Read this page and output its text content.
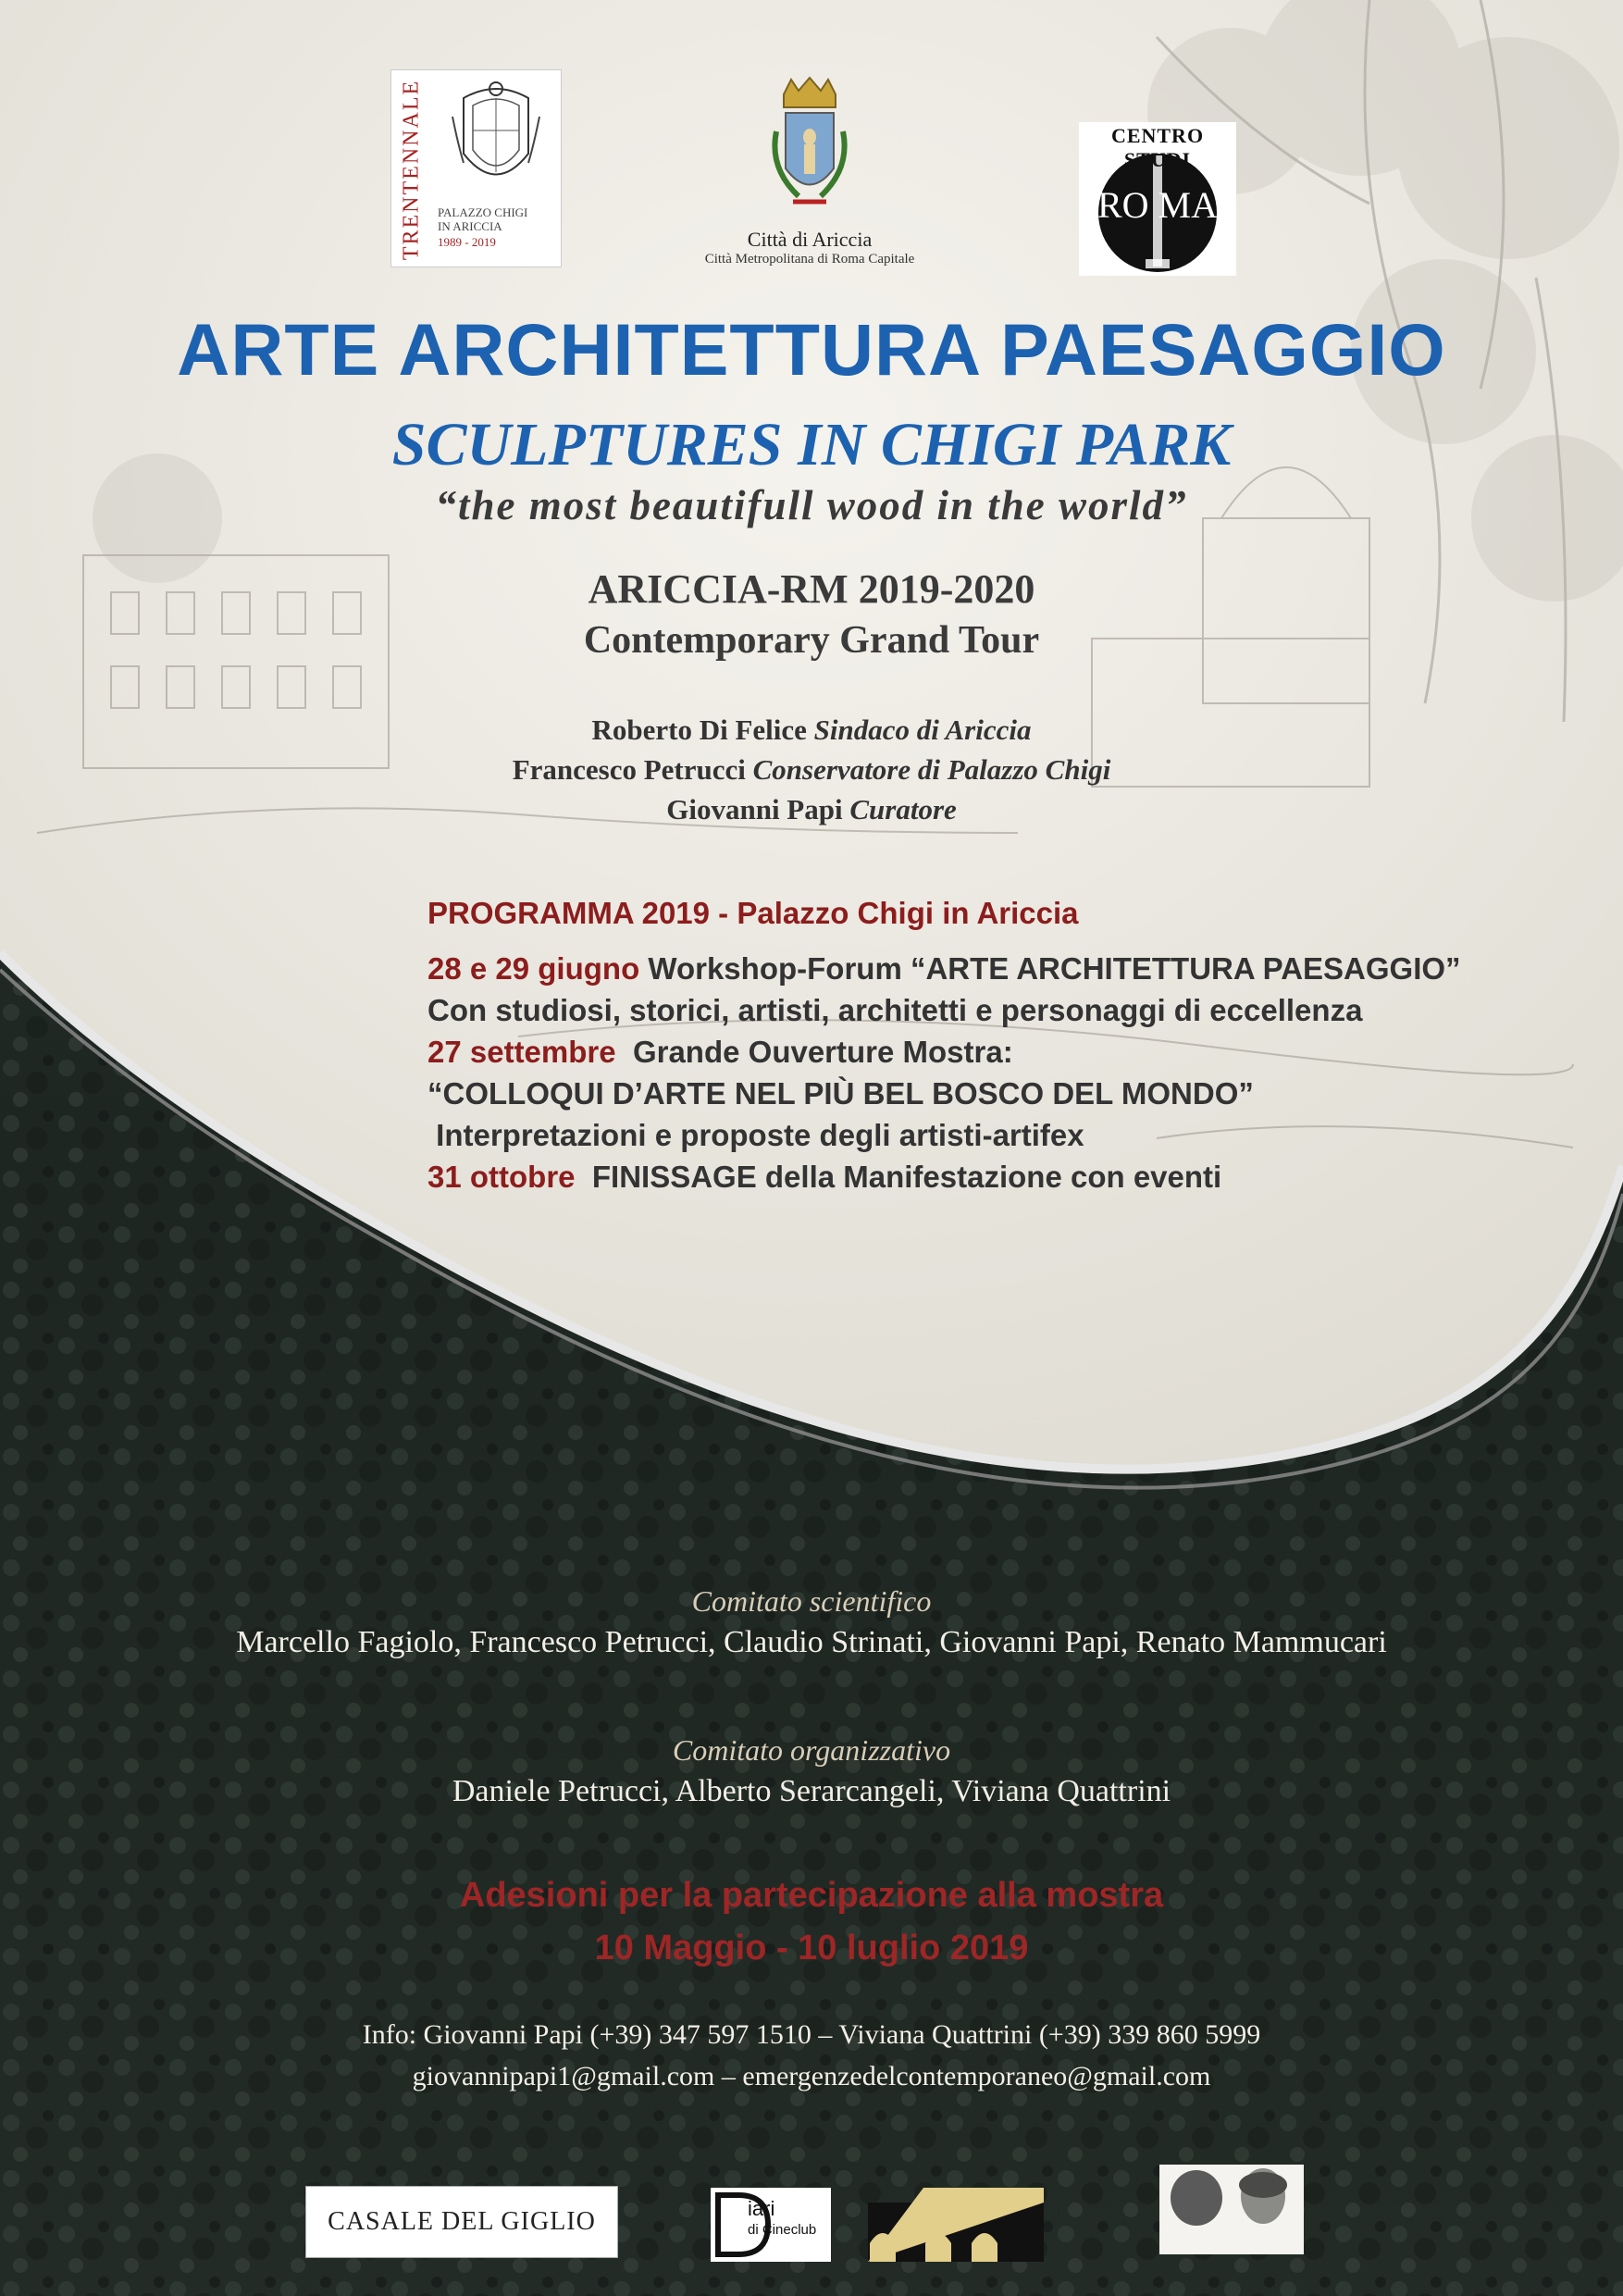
TRENTENNALE PALAZZO CHIGI
IN ARICCIA
1989 - 2019	Città di Ariccia
Città Metropolitana di Roma Capitale
CENTRO STUDI
RO MA
ARTE ARCHITETTURA PAESAGGIO
SCULPTURES IN CHIGI PARK
“the most beautifull wood in the world”
ARICCIA-RM 2019-2020
Contemporary Grand Tour
Roberto Di Felice Sindaco di Ariccia
Francesco Petrucci Conservatore di Palazzo Chigi
Giovanni Papi Curatore
PROGRAMMA 2019 - Palazzo Chigi in Ariccia
28 e 29 giugno Workshop-Forum “ARTE ARCHITETTURA PAESAGGIO”
Con studiosi, storici, artisti, architetti e personaggi di eccellenza
27 settembre  Grande Ouverture Mostra:
“COLLOQUI D’ARTE NEL PIÙ BEL BOSCO DEL MONDO”
Interpretazioni e proposte degli artisti-artifex
31 ottobre  FINISSAGE della Manifestazione con eventi
Comitato scientifico
Marcello Fagiolo, Francesco Petrucci, Claudio Strinati, Giovanni Papi, Renato Mammucari
Comitato organizzativo
Daniele Petrucci, Alberto Serarcangeli, Viviana Quattrini
Adesioni per la partecipazione alla mostra
10 Maggio - 10 luglio 2019
Info: Giovanni Papi (+39) 347 597 1510 – Viviana Quattrini (+39) 339 860 5999
giovannipapi1@gmail.com – emergenzedelcontemporaneo@gmail.com
CASALE DEL GIGLIO	iari
di Cineclub
